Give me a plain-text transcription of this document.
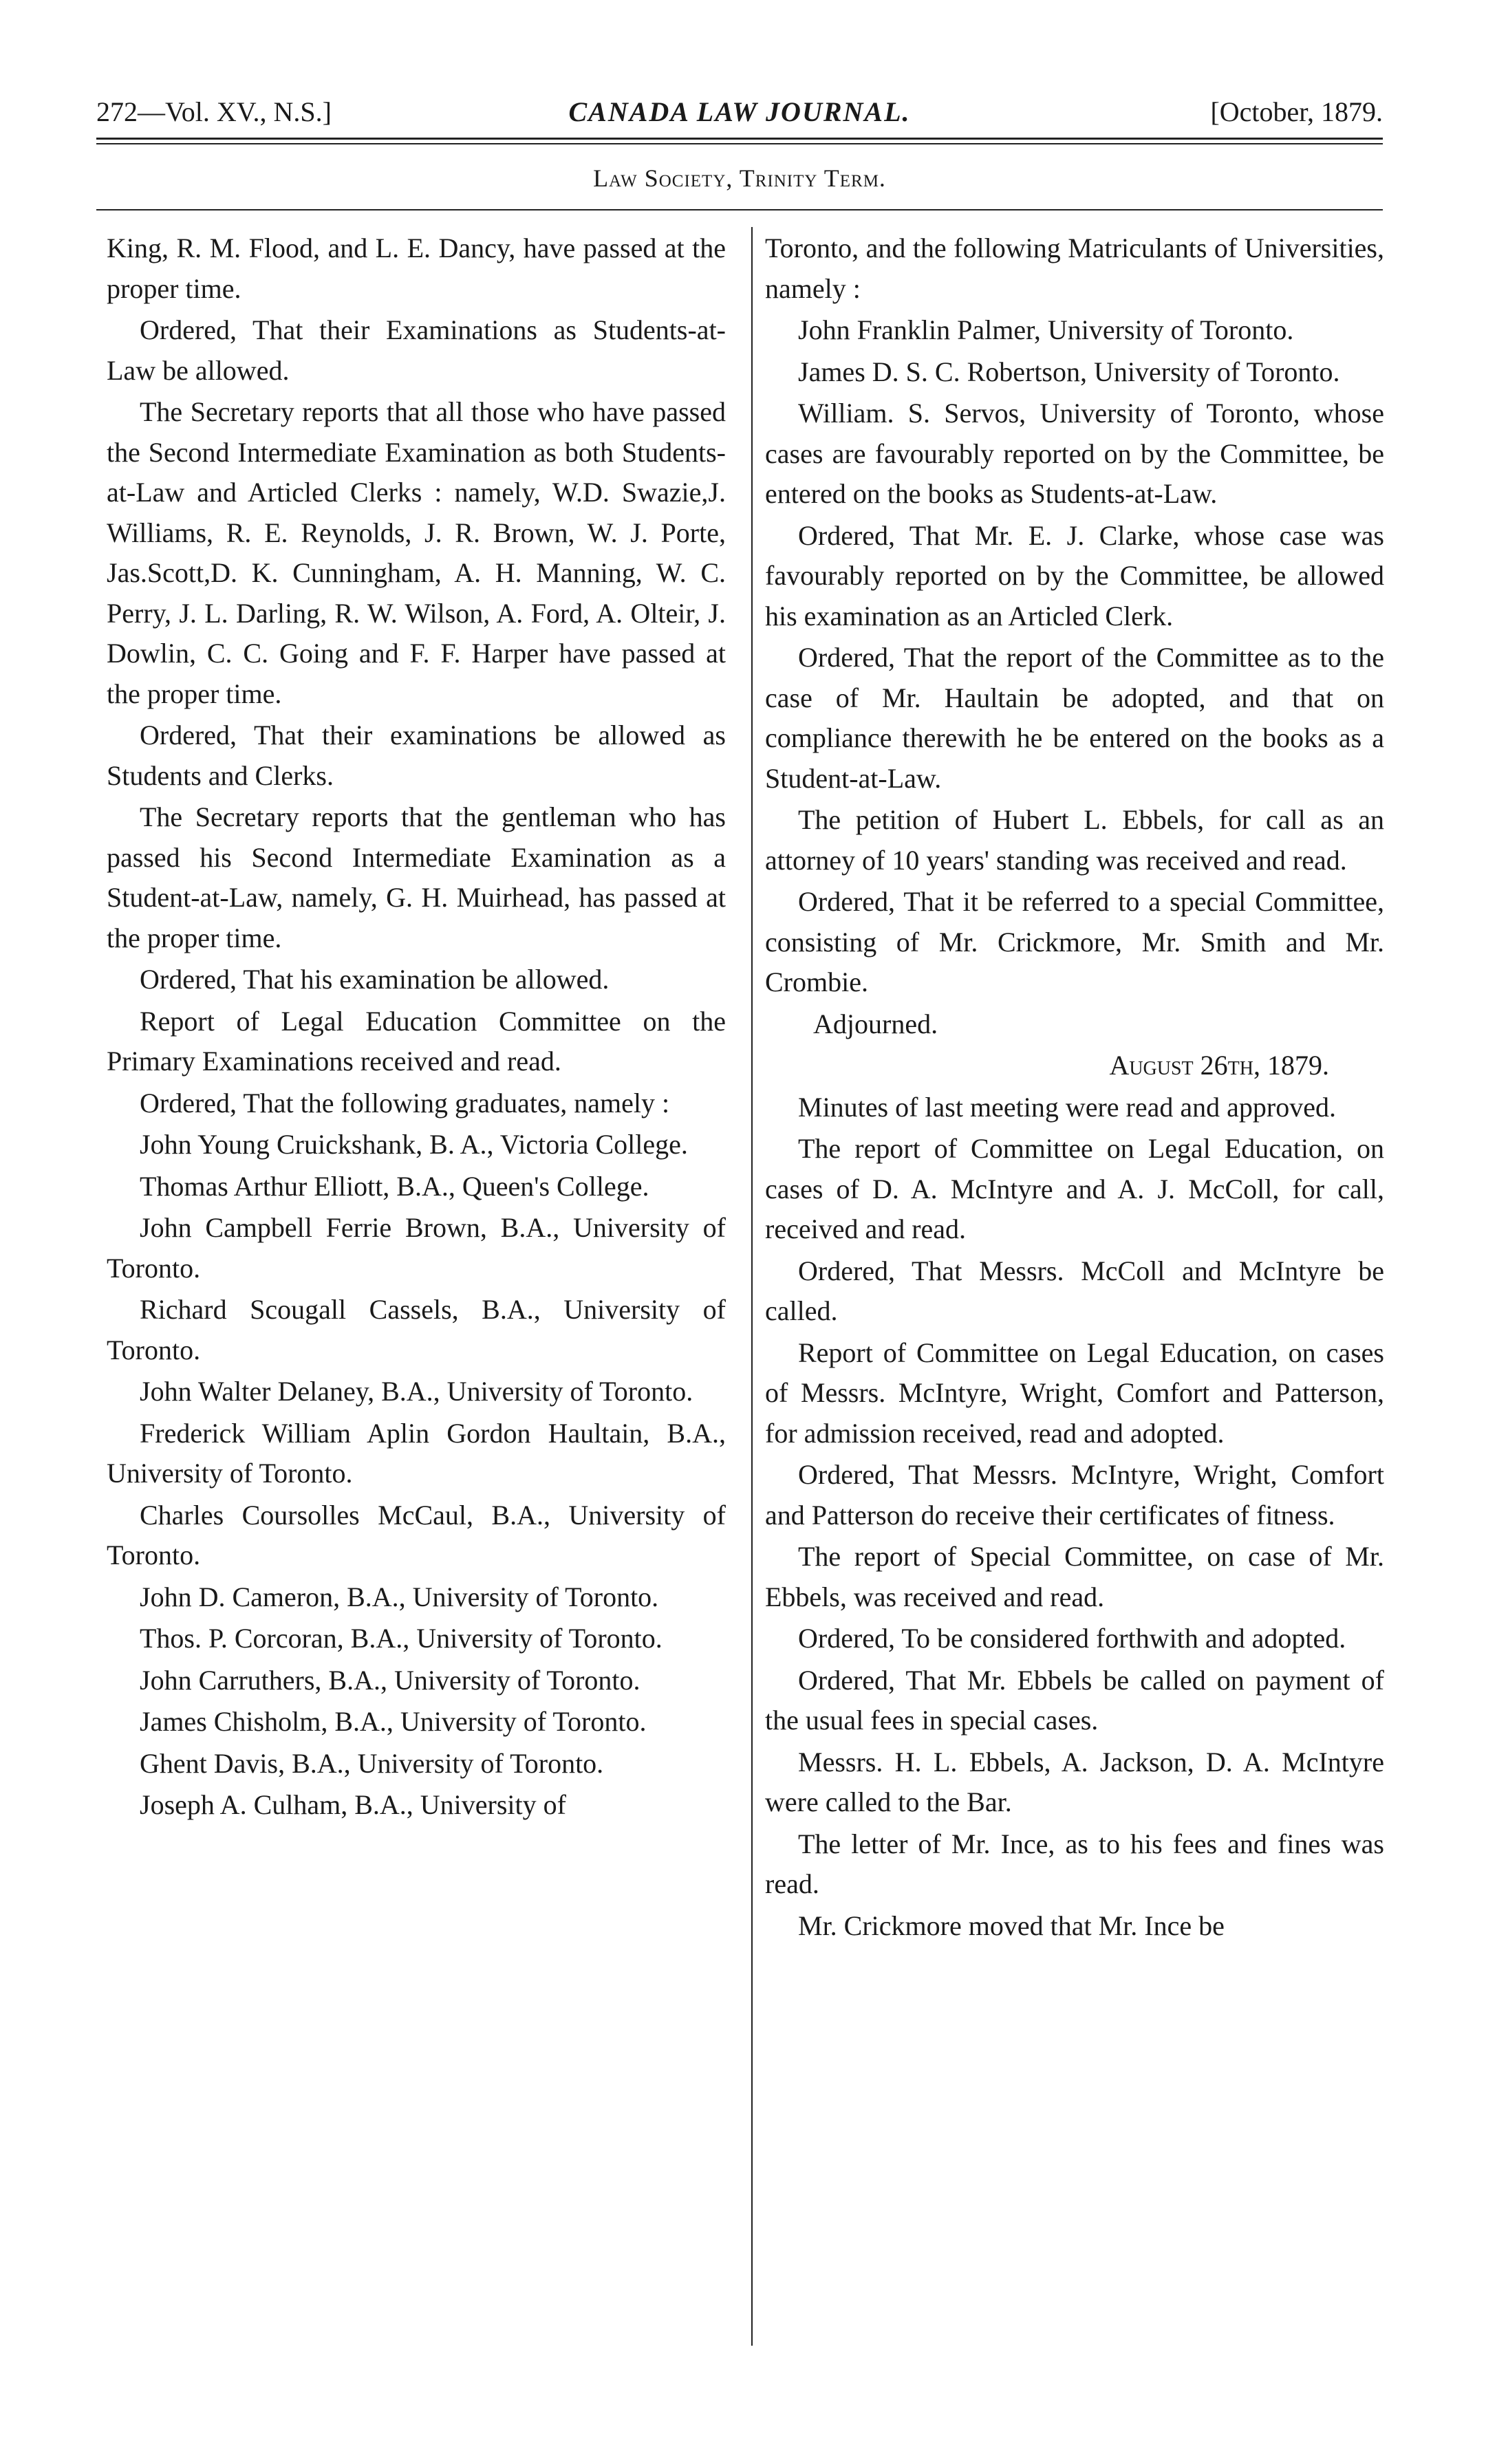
272—Vol. XV., N.S.]	CANADA LAW JOURNAL.	[October, 1879.
Law Society, Trinity Term.

King, R. M. Flood, and L. E. Dancy, have passed at the proper time.

Ordered, That their Examinations as Students-at-Law be allowed.

The Secretary reports that all those who have passed the Second Intermediate Examination as both Students-at-Law and Articled Clerks : namely, W.D. Swazie,J. Williams, R. E. Reynolds, J. R. Brown, W. J. Porte, Jas.Scott,D. K. Cunningham, A. H. Manning, W. C. Perry, J. L. Darling, R. W. Wilson, A. Ford, A. Olteir, J. Dowlin, C. C. Going and F. F. Harper have passed at the proper time.

Ordered, That their examinations be allowed as Students and Clerks.

The Secretary reports that the gentleman who has passed his Second Intermediate Examination as a Student-at-Law, namely, G. H. Muirhead, has passed at the proper time.

Ordered, That his examination be allowed.

Report of Legal Education Committee on the Primary Examinations received and read.

Ordered, That the following graduates, namely :

John Young Cruickshank, B. A., Victoria College.

Thomas Arthur Elliott, B.A., Queen's College.

John Campbell Ferrie Brown, B.A., University of Toronto.

Richard Scougall Cassels, B.A., University of Toronto.

John Walter Delaney, B.A., University of Toronto.

Frederick William Aplin Gordon Haultain, B.A., University of Toronto.

Charles Coursolles McCaul, B.A., University of Toronto.

John D. Cameron, B.A., University of Toronto.

Thos. P. Corcoran, B.A., University of Toronto.

John Carruthers, B.A., University of Toronto.

James Chisholm, B.A., University of Toronto.

Ghent Davis, B.A., University of Toronto.

Joseph A. Culham, B.A., University of

Toronto, and the following Matriculants of Universities, namely :

John Franklin Palmer, University of Toronto.

James D. S. C. Robertson, University of Toronto.

William. S. Servos, University of Toronto, whose cases are favourably reported on by the Committee, be entered on the books as Students-at-Law.

Ordered, That Mr. E. J. Clarke, whose case was favourably reported on by the Committee, be allowed his examination as an Articled Clerk.

Ordered, That the report of the Committee as to the case of Mr. Haultain be adopted, and that on compliance therewith he be entered on the books as a Student-at-Law.

The petition of Hubert L. Ebbels, for call as an attorney of 10 years' standing was received and read.

Ordered, That it be referred to a special Committee, consisting of Mr. Crickmore, Mr. Smith and Mr. Crombie.

Adjourned.

August 26th, 1879.

Minutes of last meeting were read and approved.

The report of Committee on Legal Education, on cases of D. A. McIntyre and A. J. McColl, for call, received and read.

Ordered, That Messrs. McColl and McIntyre be called.

Report of Committee on Legal Education, on cases of Messrs. McIntyre, Wright, Comfort and Patterson, for admission received, read and adopted.

Ordered, That Messrs. McIntyre, Wright, Comfort and Patterson do receive their certificates of fitness.

The report of Special Committee, on case of Mr. Ebbels, was received and read.

Ordered, To be considered forthwith and adopted.

Ordered, That Mr. Ebbels be called on payment of the usual fees in special cases.

Messrs. H. L. Ebbels, A. Jackson, D. A. McIntyre were called to the Bar.

The letter of Mr. Ince, as to his fees and fines was read.

Mr. Crickmore moved that Mr. Ince be
